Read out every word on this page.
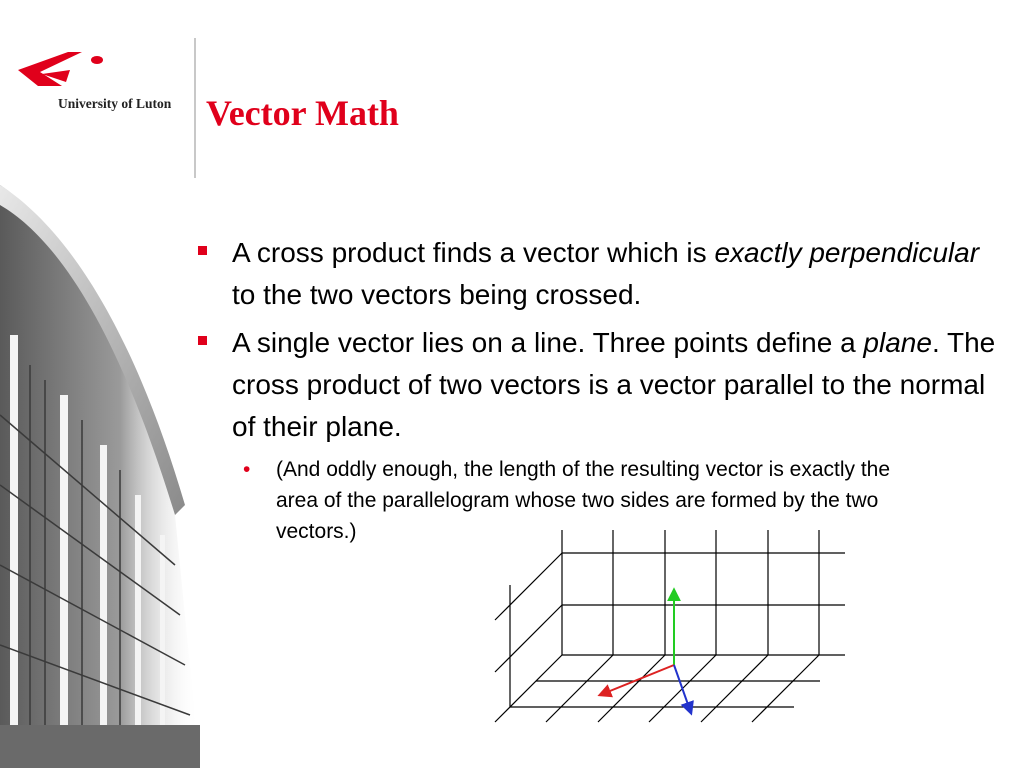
University of Luton Vector Math
A cross product finds a vector which is exactly perpendicular to the two vectors being crossed.
A single vector lies on a line. Three points define a plane. The cross product of two vectors is a vector parallel to the normal of their plane.
• (And oddly enough, the length of the resulting vector is exactly the area of the parallelogram whose two sides are formed by the two vectors.)
